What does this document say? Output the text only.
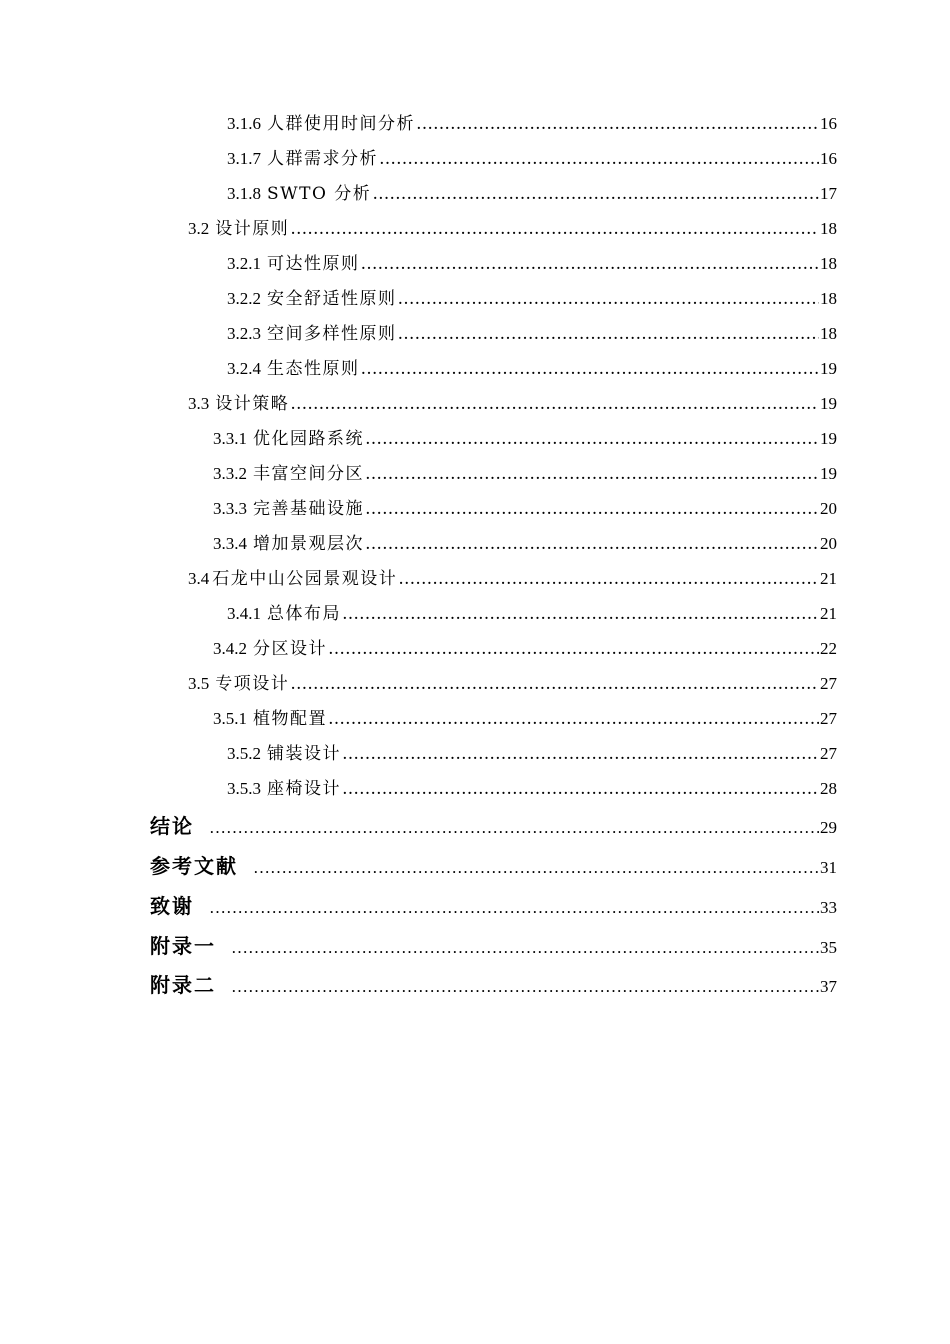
3.1.6 人群使用时间分析 …………………………………………………………………………………………………………………………………………………………………………………………	16
3.1.7 人群需求分析 …………………………………………………………………………………………………………………………………………………………………………………………	16
3.1.8 SWTO 分析 …………………………………………………………………………………………………………………………………………………………………………………………	17
3.2 设计原则 …………………………………………………………………………………………………………………………………………………………………………………………	18
3.2.1 可达性原则 …………………………………………………………………………………………………………………………………………………………………………………………	18
3.2.2 安全舒适性原则 …………………………………………………………………………………………………………………………………………………………………………………………	18
3.2.3 空间多样性原则 …………………………………………………………………………………………………………………………………………………………………………………………	18
3.2.4 生态性原则 …………………………………………………………………………………………………………………………………………………………………………………………	19
3.3 设计策略 …………………………………………………………………………………………………………………………………………………………………………………………	19
3.3.1 优化园路系统 …………………………………………………………………………………………………………………………………………………………………………………………	19
3.3.2 丰富空间分区 …………………………………………………………………………………………………………………………………………………………………………………………	19
3.3.3 完善基础设施 …………………………………………………………………………………………………………………………………………………………………………………………	20
3.3.4 增加景观层次 …………………………………………………………………………………………………………………………………………………………………………………………	20
3.4 石龙中山公园景观设计 …………………………………………………………………………………………………………………………………………………………………………………………	21
3.4.1 总体布局 …………………………………………………………………………………………………………………………………………………………………………………………	21
3.4.2 分区设计 …………………………………………………………………………………………………………………………………………………………………………………………	22
3.5 专项设计 …………………………………………………………………………………………………………………………………………………………………………………………	27
3.5.1 植物配置 …………………………………………………………………………………………………………………………………………………………………………………………	27
3.5.2 铺装设计 …………………………………………………………………………………………………………………………………………………………………………………………	27
3.5.3 座椅设计 …………………………………………………………………………………………………………………………………………………………………………………………	28
结论 …………………………………………………………………………………………………………………………………………………………………………………………	29
参考文献 …………………………………………………………………………………………………………………………………………………………………………………………	31
致谢 …………………………………………………………………………………………………………………………………………………………………………………………	33
附录一 …………………………………………………………………………………………………………………………………………………………………………………………	35
附录二 …………………………………………………………………………………………………………………………………………………………………………………………	37
